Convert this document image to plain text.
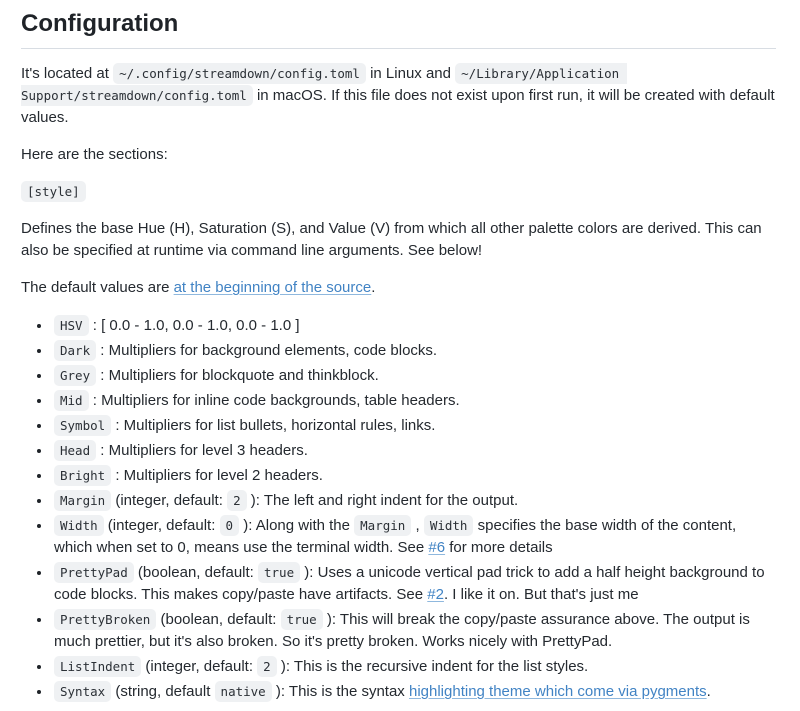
Configuration

It's located at ~/.config/streamdown/config.toml in Linux and ~/Library/Application Support/streamdown/config.toml in macOS. If this file does not exist upon first run, it will be created with default values.

Here are the sections:

[style]

Defines the base Hue (H), Saturation (S), and Value (V) from which all other palette colors are derived. This can also be specified at runtime via command line arguments. See below!

The default values are at the beginning of the source.

• HSV : [ 0.0 - 1.0, 0.0 - 1.0, 0.0 - 1.0 ]
• Dark : Multipliers for background elements, code blocks.
• Grey : Multipliers for blockquote and thinkblock.
• Mid : Multipliers for inline code backgrounds, table headers.
• Symbol : Multipliers for list bullets, horizontal rules, links.
• Head : Multipliers for level 3 headers.
• Bright : Multipliers for level 2 headers.
• Margin (integer, default: 2 ): The left and right indent for the output.
• Width (integer, default: 0 ): Along with the Margin , Width specifies the base width of the content, which when set to 0, means use the terminal width. See #6 for more details
• PrettyPad (boolean, default: true ): Uses a unicode vertical pad trick to add a half height background to code blocks. This makes copy/paste have artifacts. See #2. I like it on. But that's just me
• PrettyBroken (boolean, default: true ): This will break the copy/paste assurance above. The output is much prettier, but it's also broken. So it's pretty broken. Works nicely with PrettyPad.
• ListIndent (integer, default: 2 ): This is the recursive indent for the list styles.
• Syntax (string, default native ): This is the syntax highlighting theme which come via pygments.
